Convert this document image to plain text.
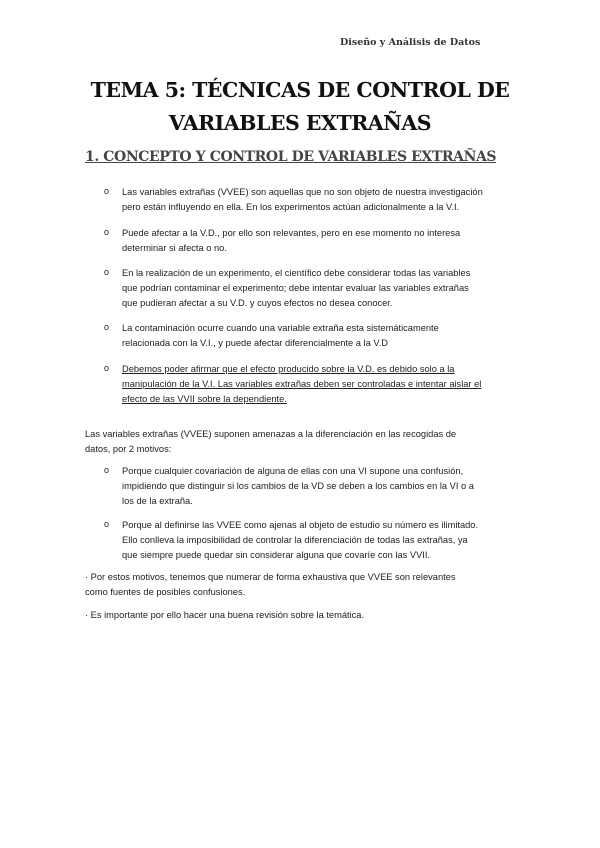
Diseño y Análisis de Datos
TEMA 5: TÉCNICAS DE CONTROL DE
VARIABLES EXTRAÑAS
1. CONCEPTO Y CONTROL DE VARIABLES EXTRAÑAS
Las variables extrañas (VVEE) son aquellas que no son objeto de nuestra investigación
pero están influyendo en ella. En los experimentos actúan adicionalmente a la V.I.
o
Puede afectar a la V.D., por ello son relevantes, pero en ese momento no interesa
determinar si afecta o no.
o
En la realización de un experimento, el científico debe considerar todas las variables
que podrían contaminar el experimento; debe intentar evaluar las variables extrañas
que pudieran afectar a su V.D. y cuyos efectos no desea conocer.
o
La contaminación ocurre cuando una variable extraña esta sistemáticamente
relacionada con la V.I., y puede afectar diferencialmente a la V.D
o
Debemos poder afirmar que el efecto producido sobre la V.D. es debido solo a la
manipulación de la V.I. Las variables extrañas deben ser controladas e intentar aislar el
efecto de las VVII sobre la dependiente.
o
Las variables extrañas (VVEE) suponen amenazas a la diferenciación en las recogidas de
datos, por 2 motivos:
Porque cualquier covariación de alguna de ellas con una VI supone una confusión,
impidiendo que distinguir si los cambios de la VD se deben a los cambios en la VI o a
los de la extraña.
o
Porque al definirse las VVEE como ajenas al objeto de estudio su número es ilimitado.
Ello conlleva la imposibilidad de controlar la diferenciación de todas las extrañas, ya
que siempre puede quedar sin considerar alguna que covaríe con las VVII.
o
· Por estos motivos, tenemos que numerar de forma exhaustiva que VVEE son relevantes
como fuentes de posibles confusiones.
· Es importante por ello hacer una buena revisión sobre la temática.
